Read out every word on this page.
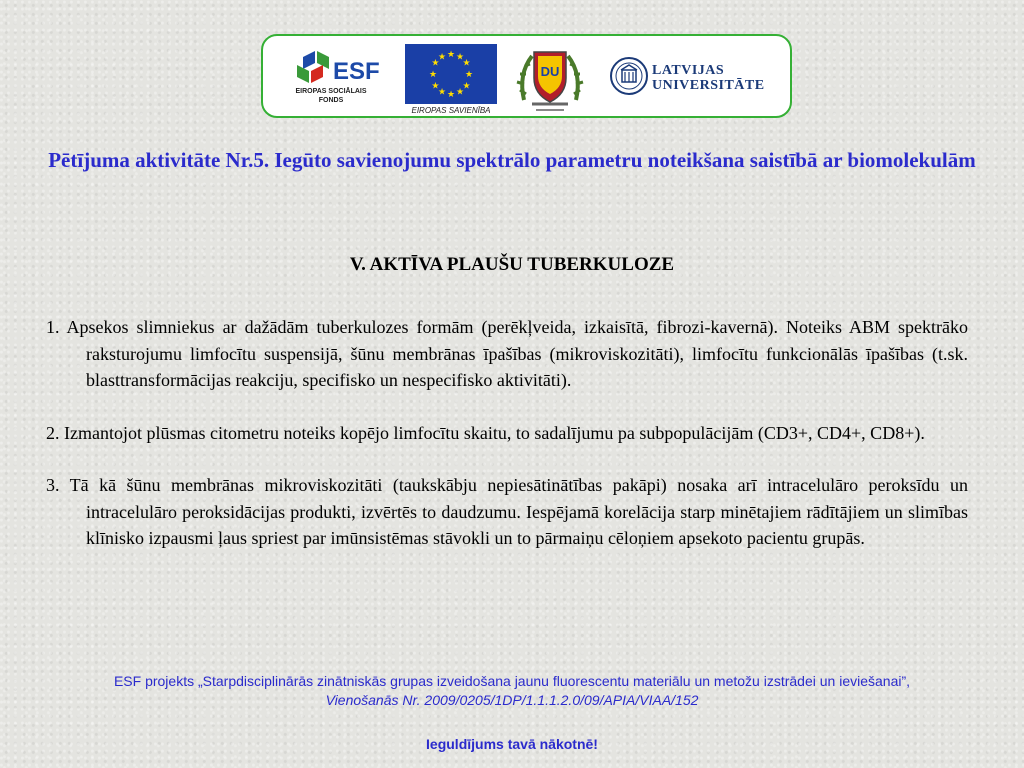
ESF
EIROPAS SOCIĀLAIS
FONDS
★ ★
★
★
★
★
★
★
★
★
★
★
EIROPAS SAVIENĪBA
DU	LATVIJAS
UNIVERSITĀTE
Pētījuma aktivitāte Nr.5. Iegūto savienojumu spektrālo parametru noteikšana saistībā ar biomolekulām
V. AKTĪVA PLAUŠU TUBERKULOZE

1. Apsekos slimniekus ar dažādām tuberkulozes formām (perēkļveida, izkaisītā, fibrozi-kavernā). Noteiks ABM spektrāko raksturojumu limfocītu suspensijā, šūnu membrānas īpašības (mikroviskozitāti), limfocītu funkcionālās īpašības (t.sk. blasttransformācijas reakciju, specifisko un nespecifisko aktivitāti).

2. Izmantojot plūsmas citometru noteiks kopējo limfocītu skaitu, to sadalījumu pa subpopulācijām (CD3+, CD4+, CD8+).

3. Tā kā šūnu membrānas mikroviskozitāti (taukskābju nepiesātinātības pakāpi) nosaka arī intracelulāro peroksīdu un intracelulāro peroksidācijas produkti, izvērtēs to daudzumu. Iespējamā korelācija starp minētajiem rādītājiem un slimības klīnisko izpausmi ļaus spriest par imūnsistēmas stāvokli un to pārmaiņu cēloņiem apsekoto pacientu grupās.

ESF projekts „Starpdisciplinārās zinātniskās grupas izveidošana jaunu fluorescentu materiālu un metožu izstrādei un ieviešanai”,
Vienošanās Nr. 2009/0205/1DP/1.1.1.2.0/09/APIA/VIAA/152
Ieguldījums tavā nākotnē!
